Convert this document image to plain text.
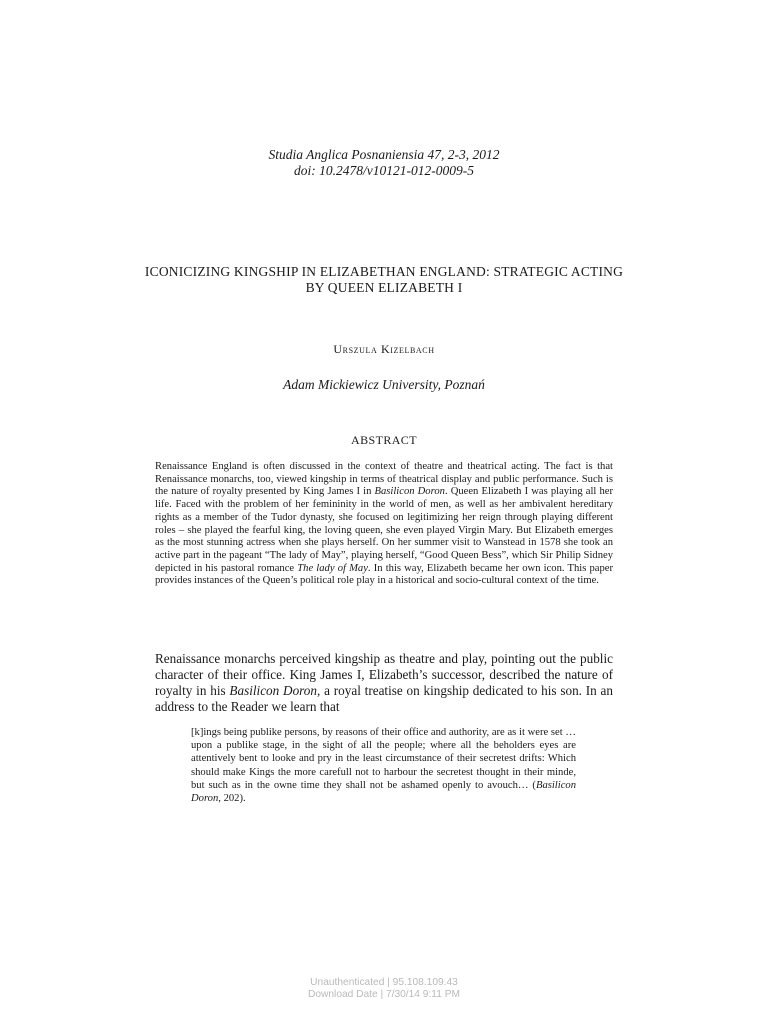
Studia Anglica Posnaniensia 47, 2-3, 2012
doi: 10.2478/v10121-012-0009-5
ICONICIZING KINGSHIP IN ELIZABETHAN ENGLAND: STRATEGIC ACTING BY QUEEN ELIZABETH I
Urszula Kizelbach
Adam Mickiewicz University, Poznań
ABSTRACT
Renaissance England is often discussed in the context of theatre and theatrical acting. The fact is that Renaissance monarchs, too, viewed kingship in terms of theatrical display and public performance. Such is the nature of royalty presented by King James I in Basilicon Doron. Queen Elizabeth I was playing all her life. Faced with the problem of her femininity in the world of men, as well as her ambivalent hereditary rights as a member of the Tudor dynasty, she focused on legitimizing her reign through playing different roles – she played the fearful king, the loving queen, she even played Virgin Mary. But Elizabeth emerges as the most stunning actress when she plays herself. On her summer visit to Wanstead in 1578 she took an active part in the pageant “The lady of May”, playing herself, “Good Queen Bess”, which Sir Philip Sidney depicted in his pastoral romance The lady of May. In this way, Elizabeth became her own icon. This paper provides instances of the Queen’s political role play in a historical and socio-cultural context of the time.
Renaissance monarchs perceived kingship as theatre and play, pointing out the public character of their office. King James I, Elizabeth’s successor, described the nature of royalty in his Basilicon Doron, a royal treatise on kingship dedicated to his son. In an address to the Reader we learn that
[k]ings being publike persons, by reasons of their office and authority, are as it were set … upon a publike stage, in the sight of all the people; where all the beholders eyes are attentively bent to looke and pry in the least circumstance of their secretest drifts: Which should make Kings the more carefull not to harbour the secretest thought in their minde, but such as in the owne time they shall not be ashamed openly to avouch… (Basilicon Doron, 202).
Unauthenticated | 95.108.109.43
Download Date | 7/30/14 9:11 PM
